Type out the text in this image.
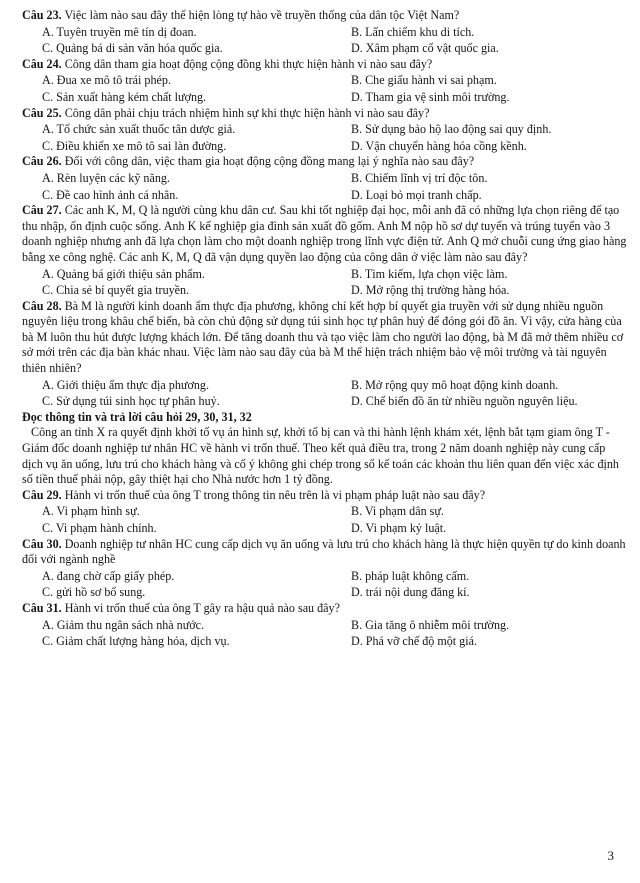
Câu 23. Việc làm nào sau đây thể hiện lòng tự hào về truyền thống của dân tộc Việt Nam?

A. Tuyên truyền mê tín dị đoan.	B. Lấn chiếm khu di tích.
C. Quảng bá di sản văn hóa quốc gia.	D. Xâm phạm cổ vật quốc gia.

Câu 24. Công dân tham gia hoạt động cộng đồng khi thực hiện hành vi nào sau đây?

A. Đua xe mô tô trái phép.	B. Che giấu hành vi sai phạm.
C. Sản xuất hàng kém chất lượng.	D. Tham gia vệ sinh môi trường.

Câu 25. Công dân phải chịu trách nhiệm hình sự khi thực hiện hành vi nào sau đây?

A. Tổ chức sản xuất thuốc tân dược giả.	B. Sử dụng bảo hộ lao động sai quy định.
C. Điều khiển xe mô tô sai làn đường.	D. Vận chuyển hàng hóa cồng kềnh.

Câu 26. Đối với công dân, việc tham gia hoạt động cộng đồng mang lại ý nghĩa nào sau đây?

A. Rèn luyện các kỹ năng.	B. Chiếm lĩnh vị trí độc tôn.
C. Đề cao hình ảnh cá nhân.	D. Loại bỏ mọi tranh chấp.

Câu 27. Các anh K, M, Q là người cùng khu dân cư. Sau khi tốt nghiệp đại học, mỗi anh đã có những lựa chọn riêng để tạo thu nhập, ổn định cuộc sống. Anh K kế nghiệp gia đình sản xuất đồ gốm. Anh M nộp hồ sơ dự tuyển và trúng tuyển vào 3 doanh nghiệp nhưng anh đã lựa chọn làm cho một doanh nghiệp trong lĩnh vực điện tử. Anh Q mở chuỗi cung ứng giao hàng bằng xe công nghệ. Các anh K, M, Q đã vận dụng quyền lao động của công dân ở việc làm nào sau đây?

A. Quảng bá giới thiệu sản phẩm.	B. Tìm kiếm, lựa chọn việc làm.
C. Chia sẻ bí quyết gia truyền.	D. Mở rộng thị trường hàng hóa.

Câu 28. Bà M là người kinh doanh ẩm thực địa phương, không chỉ kết hợp bí quyết gia truyền với sử dụng nhiều nguồn nguyên liệu trong khâu chế biến, bà còn chủ động sử dụng túi sinh học tự phân huỷ để đóng gói đồ ăn. Vì vậy, cửa hàng của bà M luôn thu hút được lượng khách lớn. Để tăng doanh thu và tạo việc làm cho người lao động, bà M đã mở thêm nhiều cơ sở mới trên các địa bàn khác nhau. Việc làm nào sau đây của bà M thể hiện trách nhiệm bảo vệ môi trường và tài nguyên thiên nhiên?

A. Giới thiệu ẩm thực địa phương.	B. Mở rộng quy mô hoạt động kinh doanh.
C. Sử dụng túi sinh học tự phân huỷ.	D. Chế biến đồ ăn từ nhiều nguồn nguyên liệu.

Đọc thông tin và trả lời câu hỏi 29, 30, 31, 32

Công an tỉnh X ra quyết định khởi tố vụ án hình sự, khởi tố bị can và thi hành lệnh khám xét, lệnh bắt tạm giam ông T - Giám đốc doanh nghiệp tư nhân HC về hành vi trốn thuế. Theo kết quả điều tra, trong 2 năm doanh nghiệp này cung cấp dịch vụ ăn uống, lưu trú cho khách hàng và cố ý không ghi chép trong sổ kế toán các khoản thu liên quan đến việc xác định số tiền thuế phải nộp, gây thiệt hại cho Nhà nước hơn 1 tỷ đồng.

Câu 29. Hành vi trốn thuế của ông T trong thông tin nêu trên là vi phạm pháp luật nào sau đây?

A. Vi phạm hình sự.	B. Vi phạm dân sự.
C. Vi phạm hành chính.	D. Vi phạm kỷ luật.

Câu 30. Doanh nghiệp tư nhân HC cung cấp dịch vụ ăn uống và lưu trú cho khách hàng là thực hiện quyền tự do kinh doanh đối với ngành nghề

A. đang chờ cấp giấy phép.	B. pháp luật không cấm.
C. gửi hồ sơ bổ sung.	D. trái nội dung đăng kí.

Câu 31. Hành vi trốn thuế của ông T gây ra hậu quả nào sau đây?

A. Giảm thu ngân sách nhà nước.	B. Gia tăng ô nhiễm môi trường.
C. Giảm chất lượng hàng hóa, dịch vụ.	D. Phá vỡ chế độ một giá.
3
